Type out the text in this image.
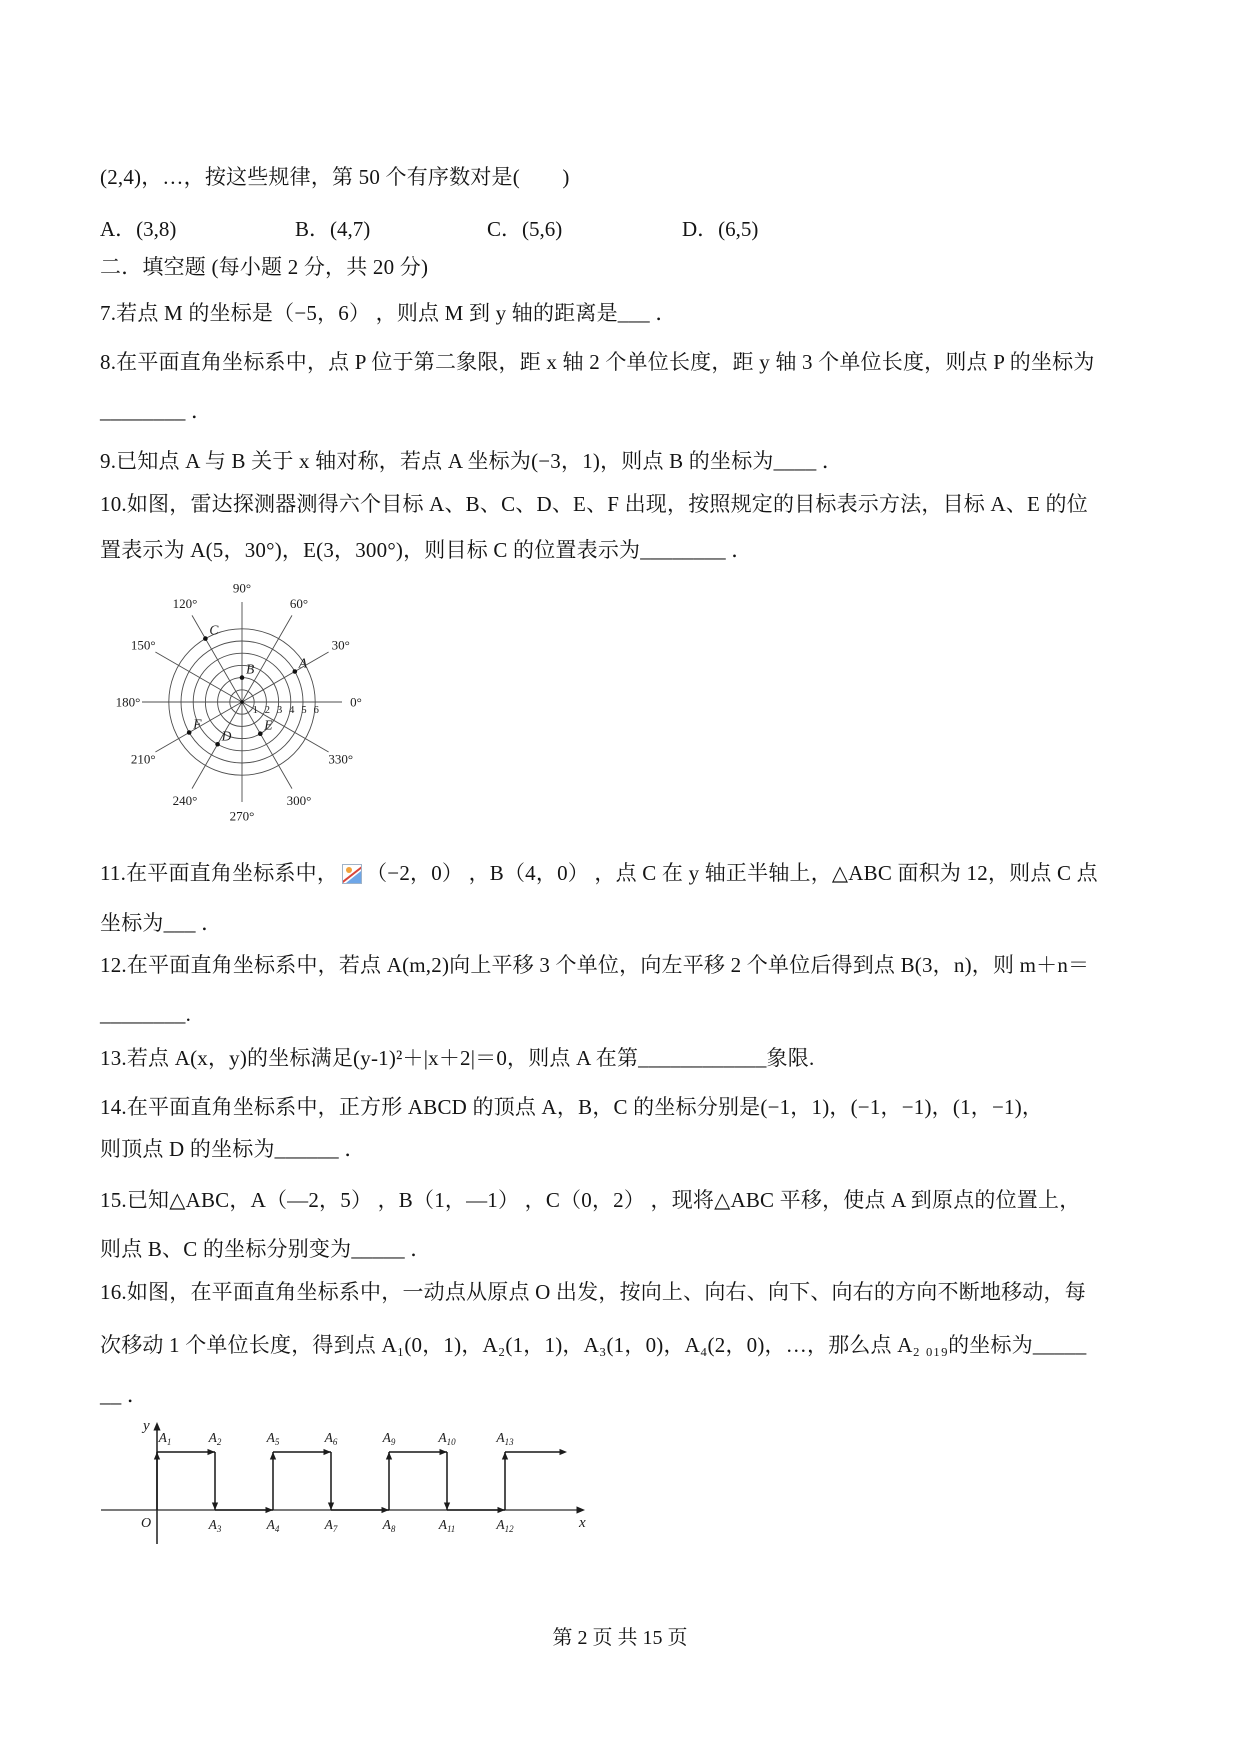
(2,4)，…，按这些规律，第 50 个有序数对是(　　)
A．(3,8)	B．(4,7)	C．(5,6)	D．(6,5)
二．填空题 (每小题 2 分，共 20 分)
7.若点 M 的坐标是（−5，6） ，则点 M 到 y 轴的距离是___ ．
8.在平面直角坐标系中，点 P 位于第二象限，距 x 轴 2 个单位长度，距 y 轴 3 个单位长度，则点 P 的坐标为
________ ．
9.已知点 A 与 B 关于 x 轴对称，若点 A 坐标为(−3，1)，则点 B 的坐标为____ ．
10.如图，雷达探测器测得六个目标 A、B、C、D、E、F 出现，按照规定的目标表示方法，目标 A、E 的位
置表示为 A(5，30°)，E(3，300°)，则目标 C 的位置表示为________ ．
0°
30°
60°
90°
120°
150°
180°
210°
240°
270°
300°
330°
1 2 3 4 5 6
A
B
C
D
E
F
11.在平面直角坐标系中， （−2，0） ，B（4，0） ，点 C 在 y 轴正半轴上，△ABC 面积为 12，则点 C 点
坐标为___ ．
12.在平面直角坐标系中，若点 A(m,2)向上平移 3 个单位，向左平移 2 个单位后得到点 B(3，n)，则 m＋n＝
________.
13.若点 A(x，y)的坐标满足(y-1)²＋|x＋2|＝0，则点 A 在第____________象限.
14.在平面直角坐标系中，正方形 ABCD 的顶点 A，B，C 的坐标分别是(−1，1)，(−1，−1)，(1，−1)，
则顶点 D 的坐标为______ ．
15.已知△ABC，A（—2，5） ，B（1，—1） ，C（0，2） ，现将△ABC 平移，使点 A 到原点的位置上，
则点 B、C 的坐标分别变为_____ ．
16.如图，在平面直角坐标系中，一动点从原点 O 出发，按向上、向右、向下、向右的方向不断地移动，每
次移动 1 个单位长度，得到点 A₁(0，1)，A₂(1，1)，A₃(1，0)，A₄(2，0)，…，那么点 A₂ ₀₁₉的坐标为_____
__ ．
x
y
O
$A_1$	$A_2$
$A_3$	$A_4$
$A_5$	$A_6$
$A_7$	$A_8$
$A_9$	$A_{10}$
$A_{11}$	$A_{12}$
$A_{13}$
第 2 页 共 15 页
